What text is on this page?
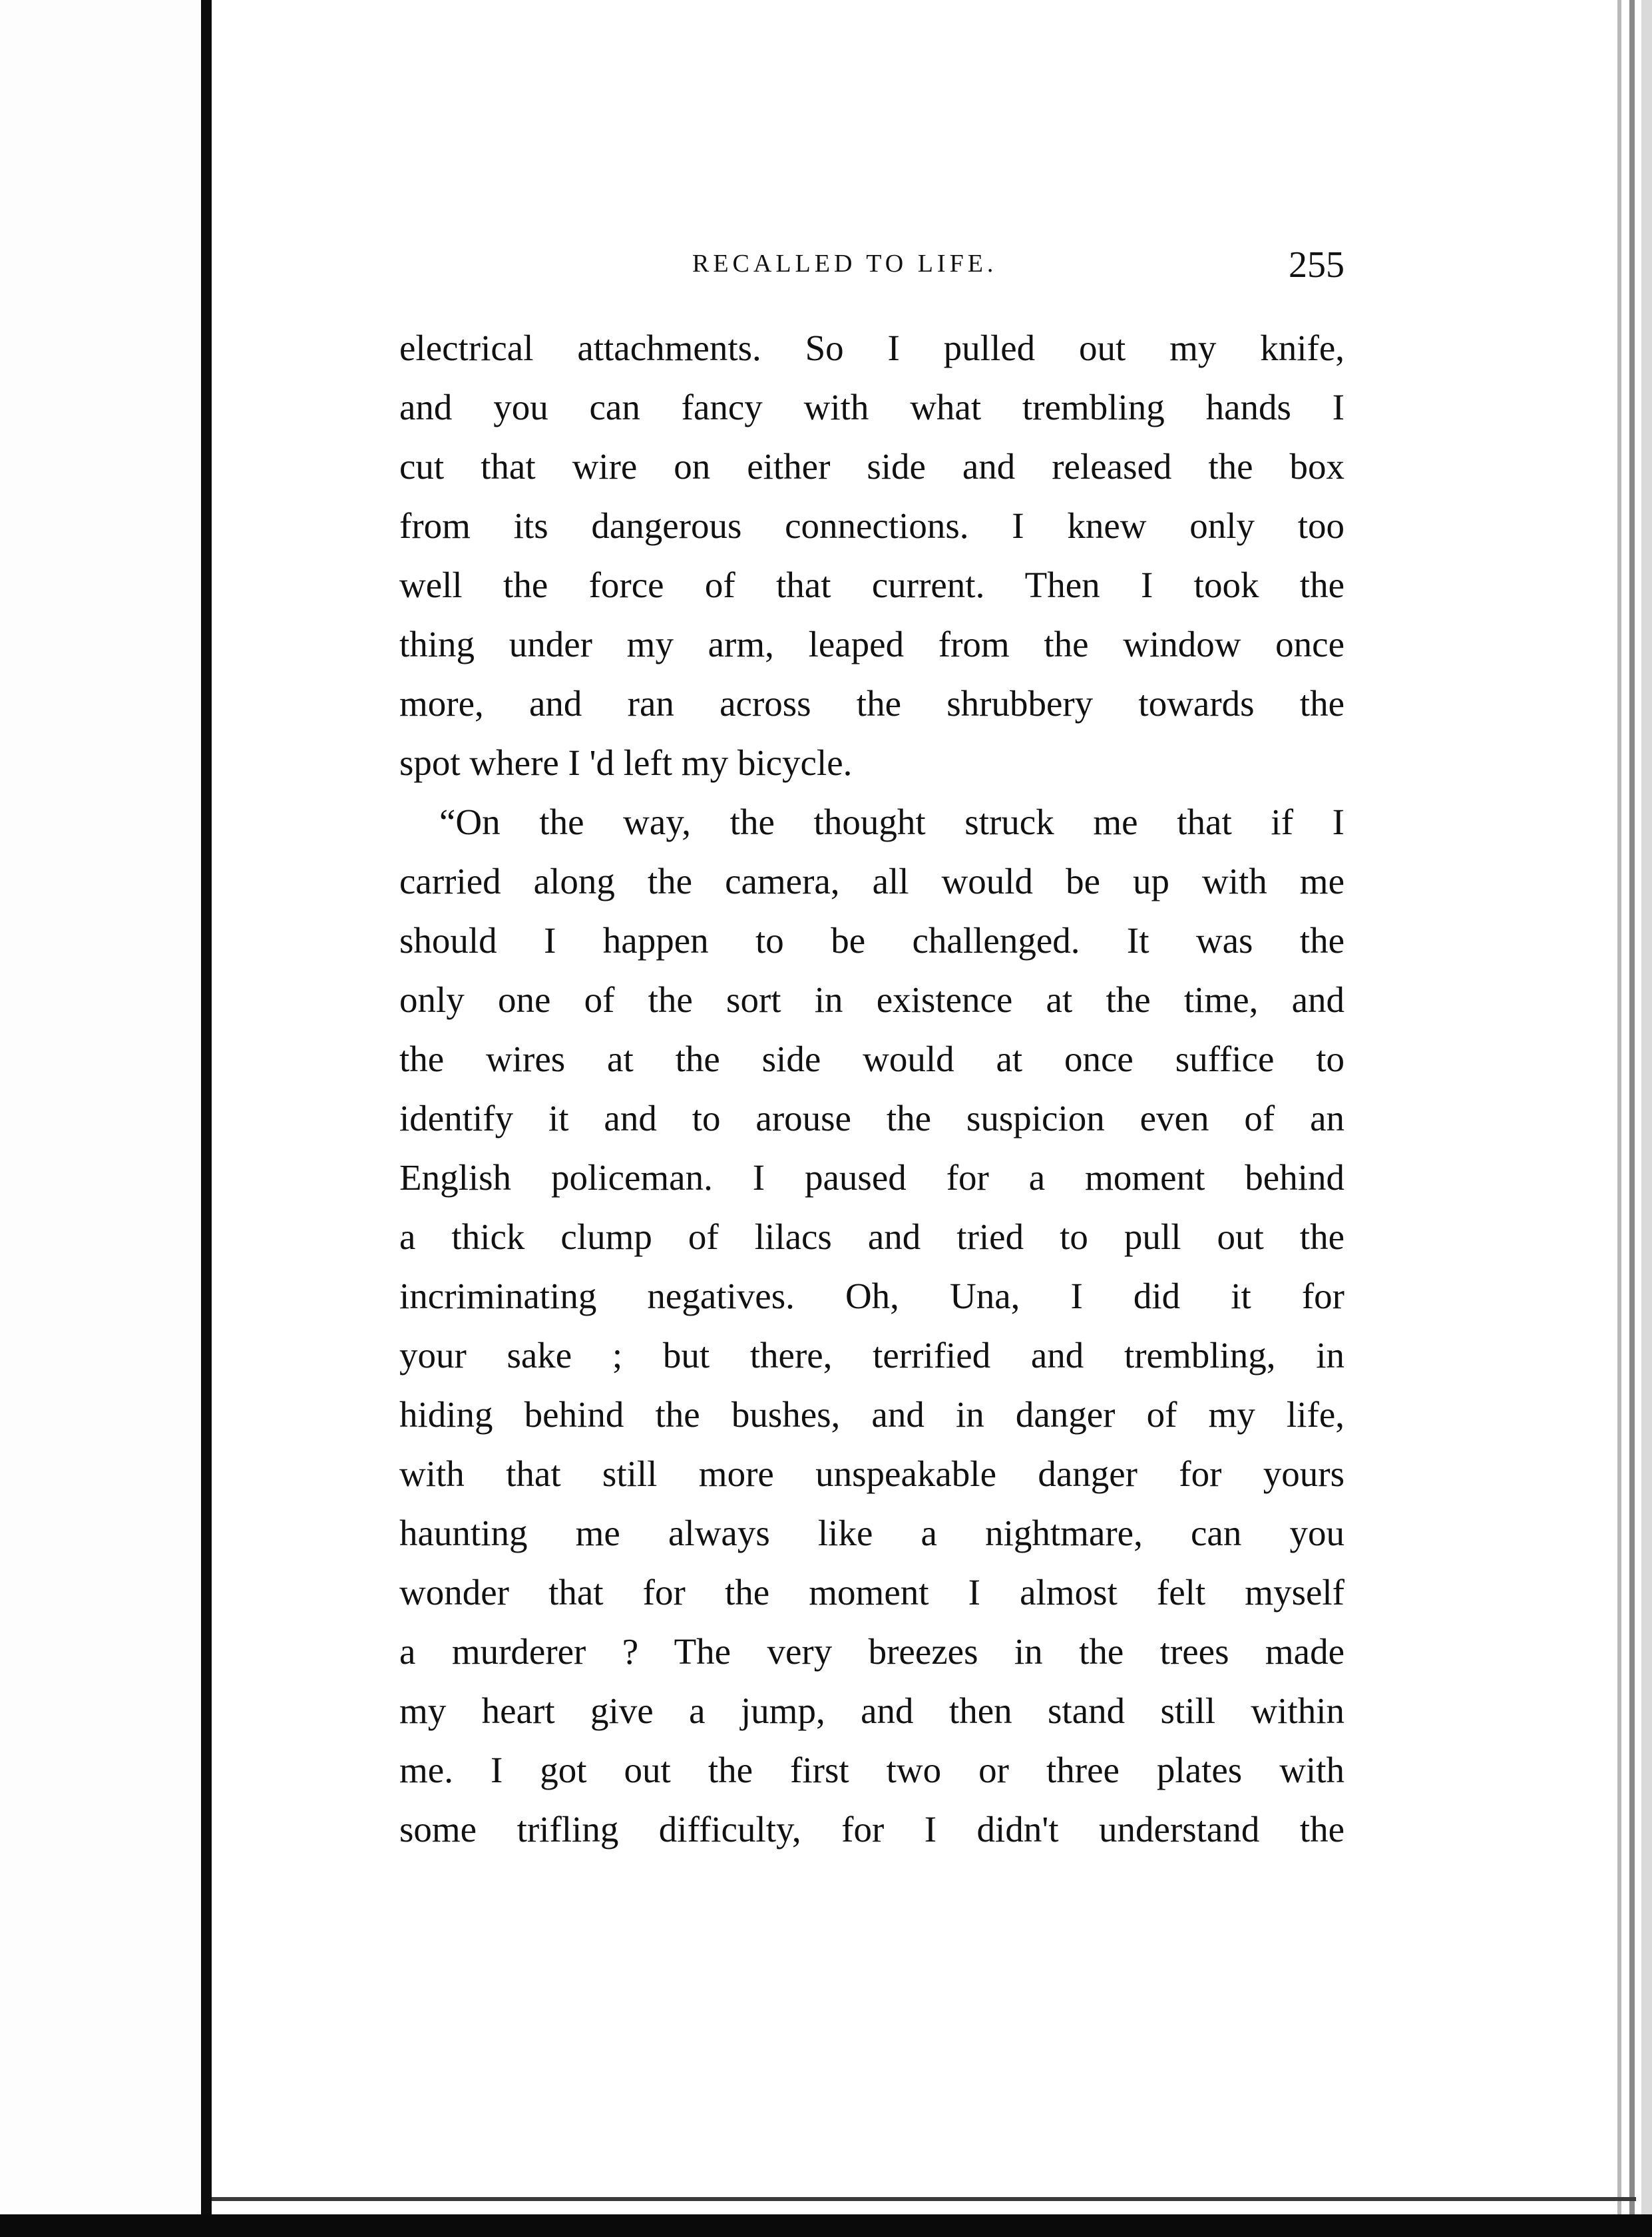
RECALLED TO LIFE.	255
electrical attachments. So I pulled out my knife,
and you can fancy with what trembling hands I
cut that wire on either side and released the box
from its dangerous connections. I knew only too
well the force of that current. Then I took the
thing under my arm, leaped from the window once
more, and ran across the shrubbery towards the
spot where I 'd left my bicycle.
“On the way, the thought struck me that if I
carried along the camera, all would be up with me
should I happen to be challenged. It was the
only one of the sort in existence at the time, and
the wires at the side would at once suffice to
identify it and to arouse the suspicion even of an
English policeman. I paused for a moment behind
a thick clump of lilacs and tried to pull out the
incriminating negatives. Oh, Una, I did it for
your sake ; but there, terrified and trembling, in
hiding behind the bushes, and in danger of my life,
with that still more unspeakable danger for yours
haunting me always like a nightmare, can you
wonder that for the moment I almost felt myself
a murderer ? The very breezes in the trees made
my heart give a jump, and then stand still within
me. I got out the first two or three plates with
some trifling difficulty, for I didn't understand the
